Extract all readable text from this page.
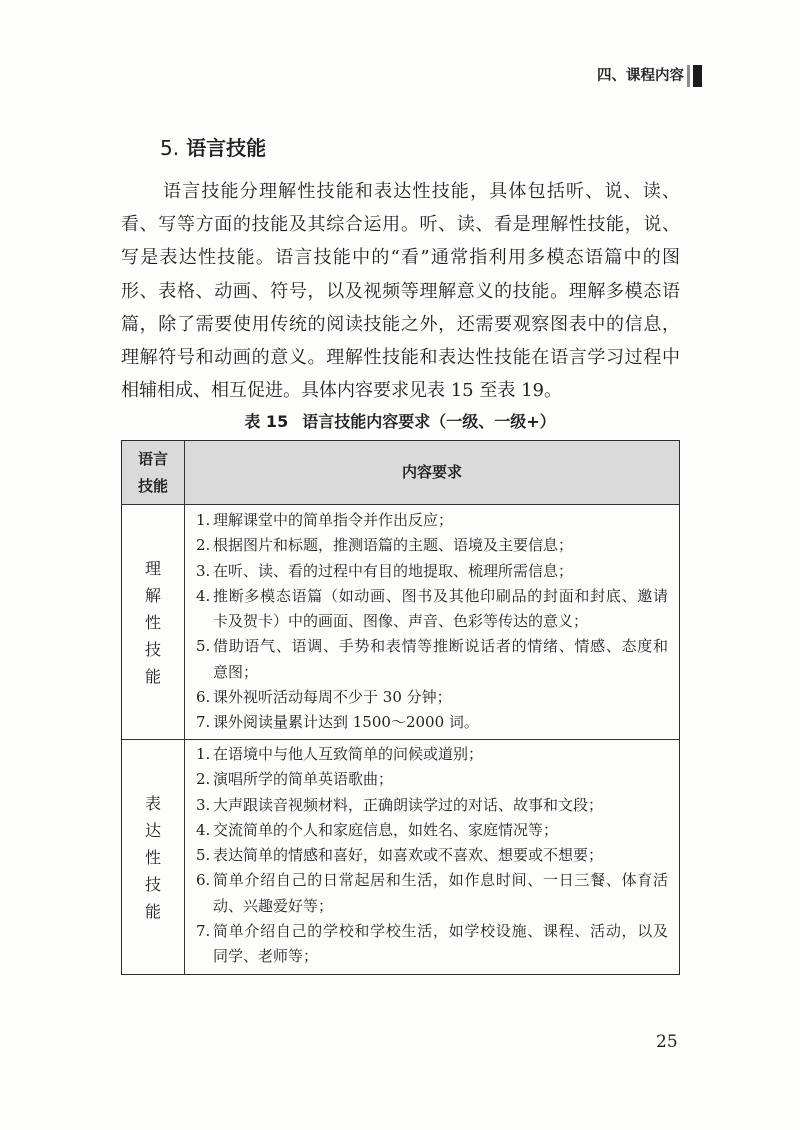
四、课程内容
5. 语言技能
语言技能分理解性技能和表达性技能，具体包括听、说、读、
看、写等方面的技能及其综合运用。听、读、看是理解性技能，说、
写是表达性技能。语言技能中的“看”通常指利用多模态语篇中的图
形、表格、动画、符号，以及视频等理解意义的技能。理解多模态语
篇，除了需要使用传统的阅读技能之外，还需要观察图表中的信息，
理解符号和动画的意义。理解性技能和表达性技能在语言学习过程中
相辅相成、相互促进。具体内容要求见表 15 至表 19。
表 15 语言技能内容要求（一级、一级+）
语言
技能
内容要求
理解性技能
1. 理解课堂中的简单指令并作出反应；
2. 根据图片和标题，推测语篇的主题、语境及主要信息；
3. 在听、读、看的过程中有目的地提取、梳理所需信息；
4. 推断多模态语篇（如动画、图书及其他印刷品的封面和封底、邀请
卡及贺卡）中的画面、图像、声音、色彩等传达的意义；
5. 借助语气、语调、手势和表情等推断说话者的情绪、情感、态度和
意图；
6. 课外视听活动每周不少于 30 分钟；
7. 课外阅读量累计达到 1500～2000 词。
表达性技能
1. 在语境中与他人互致简单的问候或道别；
2. 演唱所学的简单英语歌曲；
3. 大声跟读音视频材料，正确朗读学过的对话、故事和文段；
4. 交流简单的个人和家庭信息，如姓名、家庭情况等；
5. 表达简单的情感和喜好，如喜欢或不喜欢、想要或不想要；
6. 简单介绍自己的日常起居和生活，如作息时间、一日三餐、体育活
动、兴趣爱好等；
7. 简单介绍自己的学校和学校生活，如学校设施、课程、活动，以及
同学、老师等；
25
